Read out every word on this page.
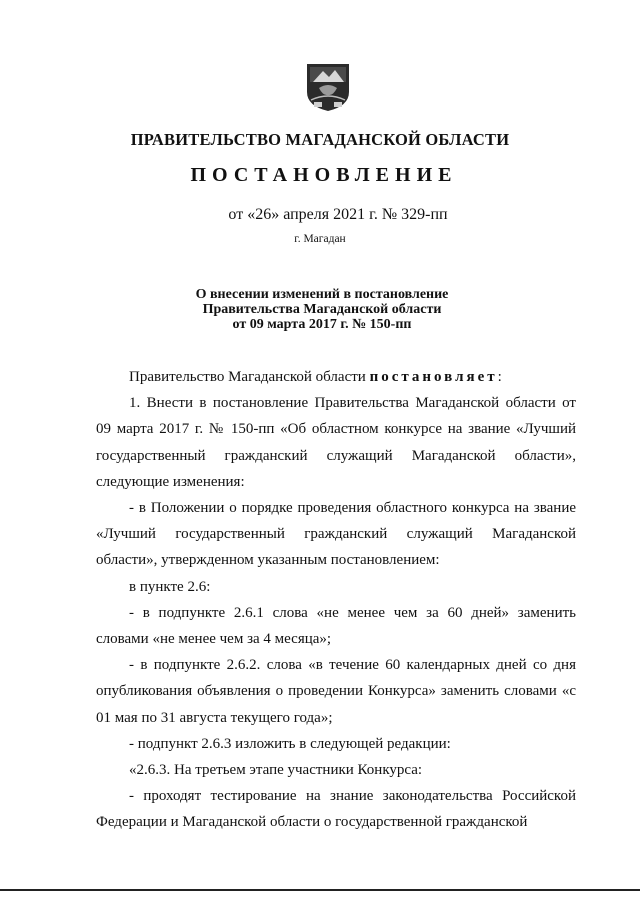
ПРАВИТЕЛЬСТВО МАГАДАНСКОЙ ОБЛАСТИ
ПОСТАНОВЛЕНИЕ
от «26» апреля 2021 г. № 329-пп
г. Магадан
О внесении изменений в постановление
Правительства Магаданской области
от 09 марта 2017 г. № 150-пп

Правительство Магаданской области постановляет:

1. Внести в постановление Правительства Магаданской области от 09 марта 2017 г. № 150-пп «Об областном конкурсе на звание «Лучший государственный гражданский служащий Магаданской области», следующие изменения:

- в Положении о порядке проведения областного конкурса на звание «Лучший государственный гражданский служащий Магаданской области», утвержденном указанным постановлением:

в пункте 2.6:

- в подпункте 2.6.1 слова «не менее чем за 60 дней» заменить словами «не менее чем за 4 месяца»;

- в подпункте 2.6.2. слова «в течение 60 календарных дней со дня опубликования объявления о проведении Конкурса» заменить словами «с 01 мая по 31 августа текущего года»;

- подпункт 2.6.3 изложить в следующей редакции:

«2.6.3. На третьем этапе участники Конкурса:

- проходят тестирование на знание законодательства Российской Федерации и Магаданской области о государственной гражданской
